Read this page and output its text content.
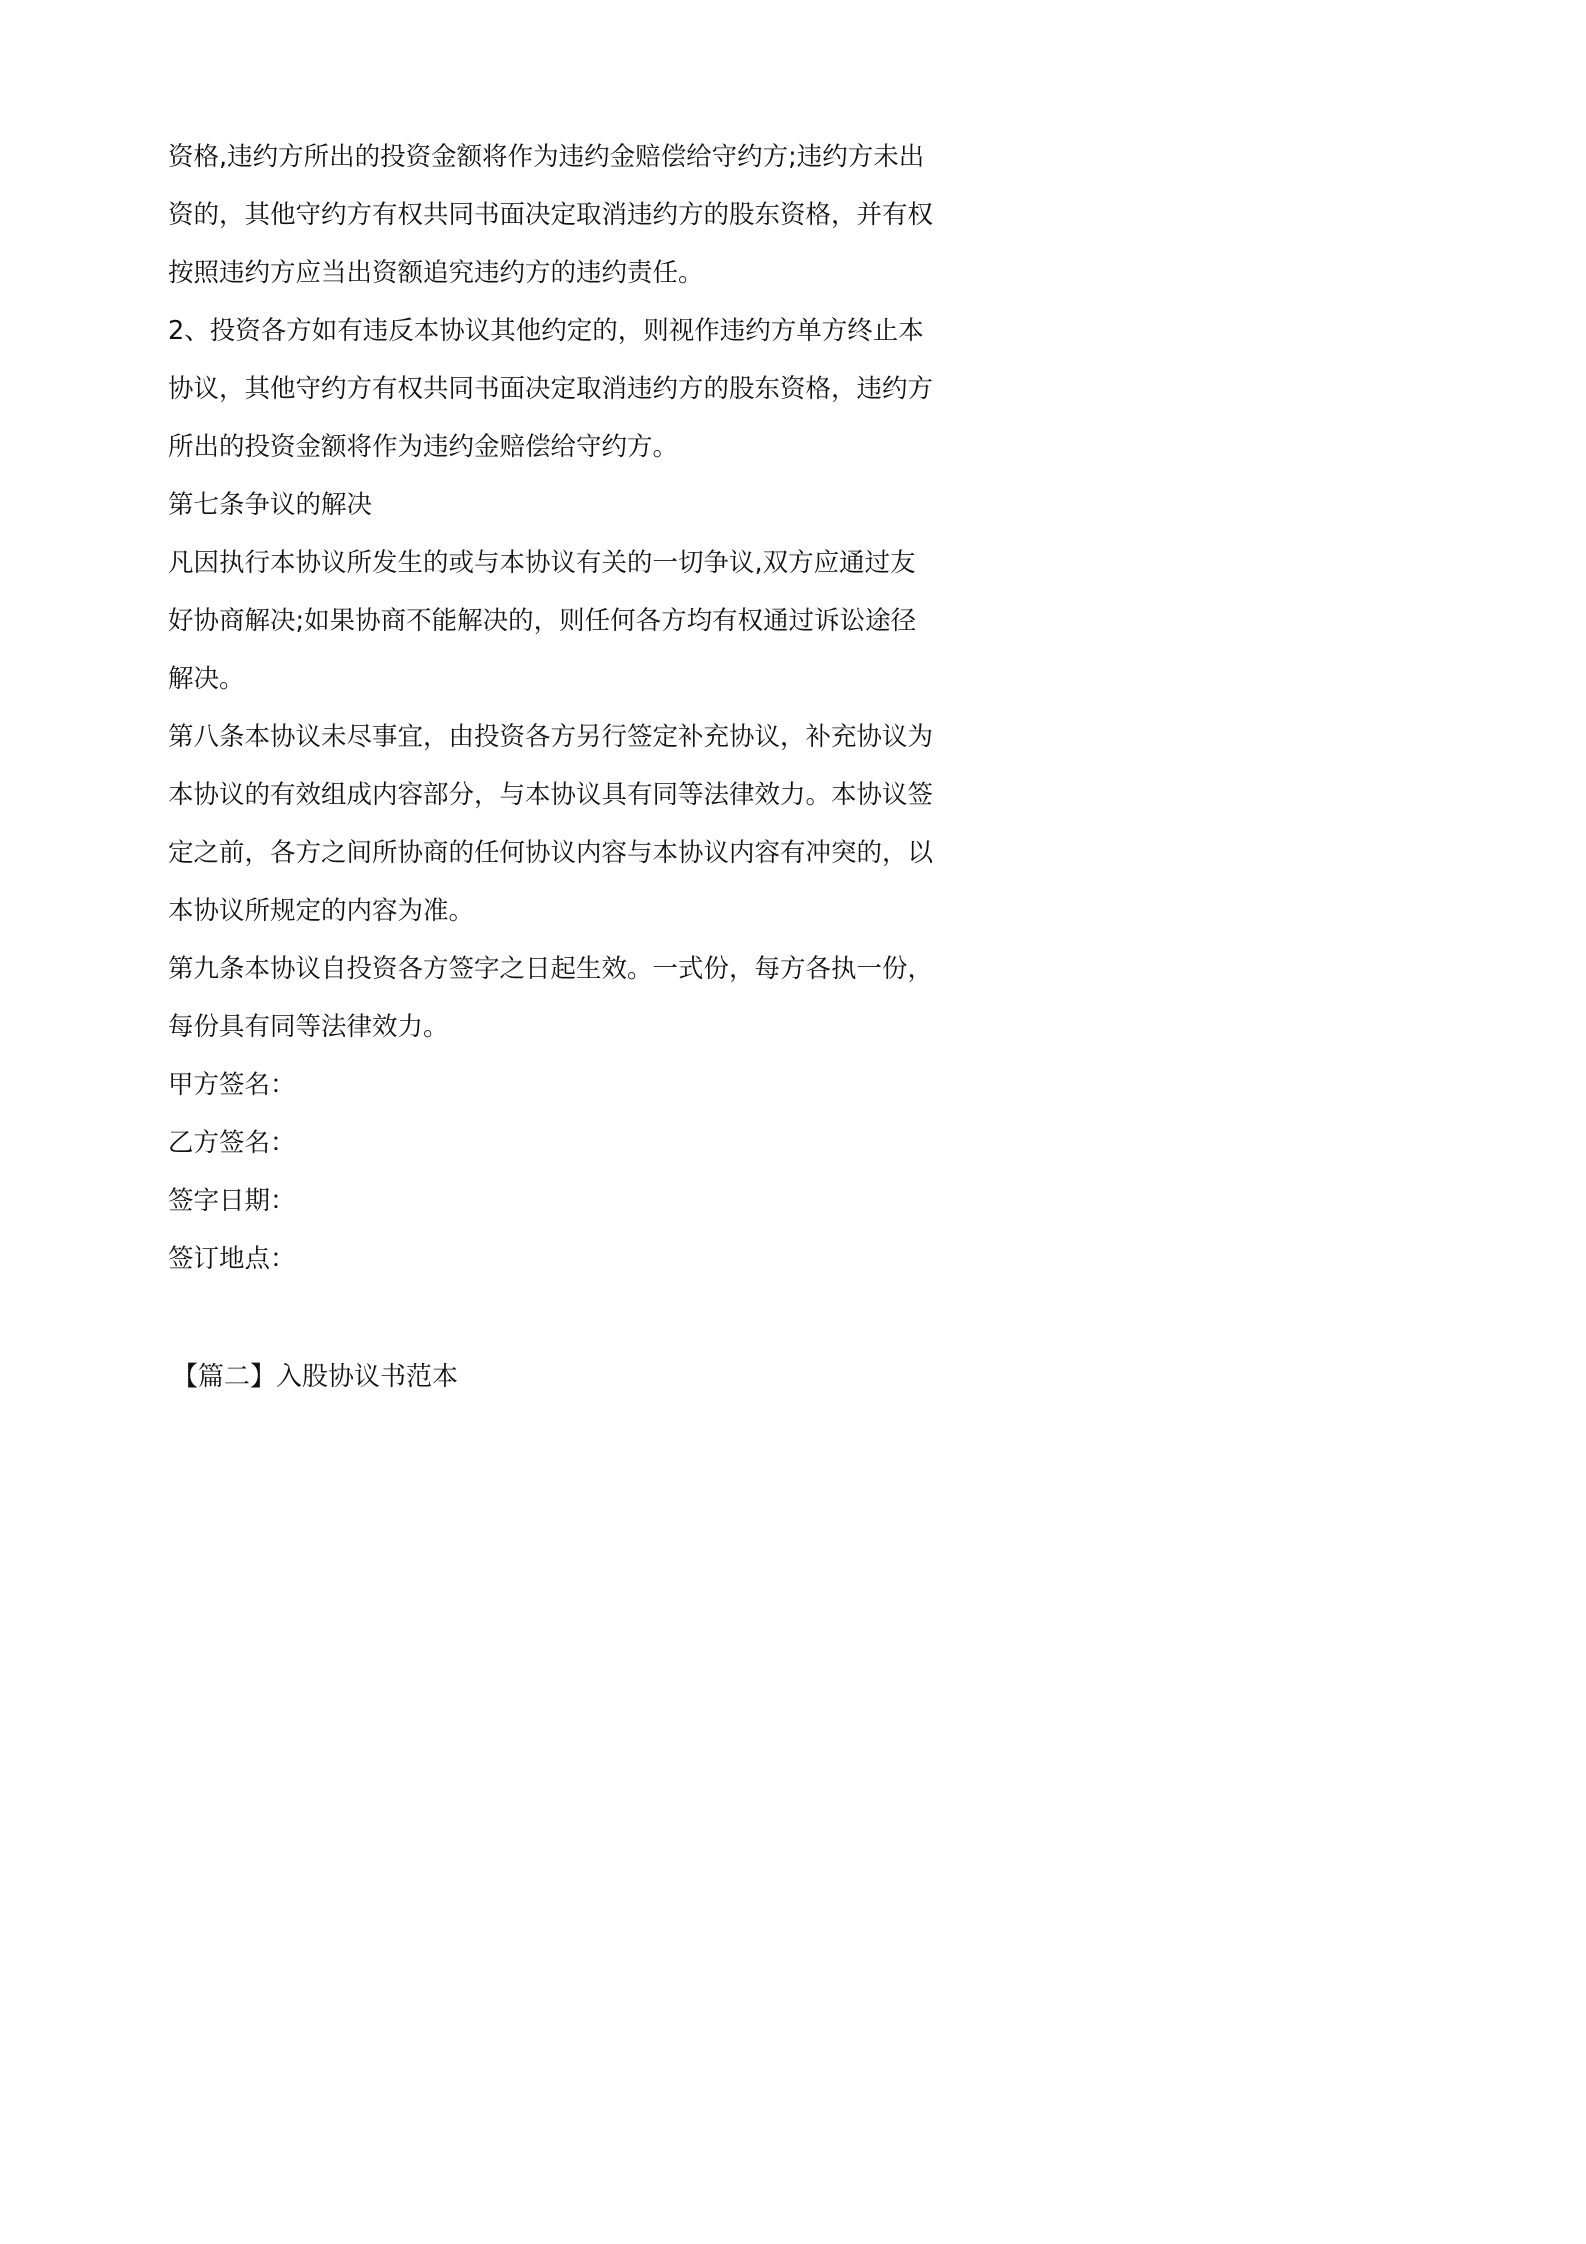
资格,违约方所出的投资金额将作为违约金赔偿给守约方;违约方未出
资的，其他守约方有权共同书面决定取消违约方的股东资格，并有权
按照违约方应当出资额追究违约方的违约责任。
2、投资各方如有违反本协议其他约定的，则视作违约方单方终止本
协议，其他守约方有权共同书面决定取消违约方的股东资格，违约方
所出的投资金额将作为违约金赔偿给守约方。
第七条争议的解决
凡因执行本协议所发生的或与本协议有关的一切争议,双方应通过友
好协商解决;如果协商不能解决的，则任何各方均有权通过诉讼途径
解决。
第八条本协议未尽事宜，由投资各方另行签定补充协议，补充协议为
本协议的有效组成内容部分，与本协议具有同等法律效力。本协议签
定之前，各方之间所协商的任何协议内容与本协议内容有冲突的，以
本协议所规定的内容为准。
第九条本协议自投资各方签字之日起生效。一式份，每方各执一份，
每份具有同等法律效力。
甲方签名：
乙方签名：
签字日期：
签订地点：
【篇二】入股协议书范本
